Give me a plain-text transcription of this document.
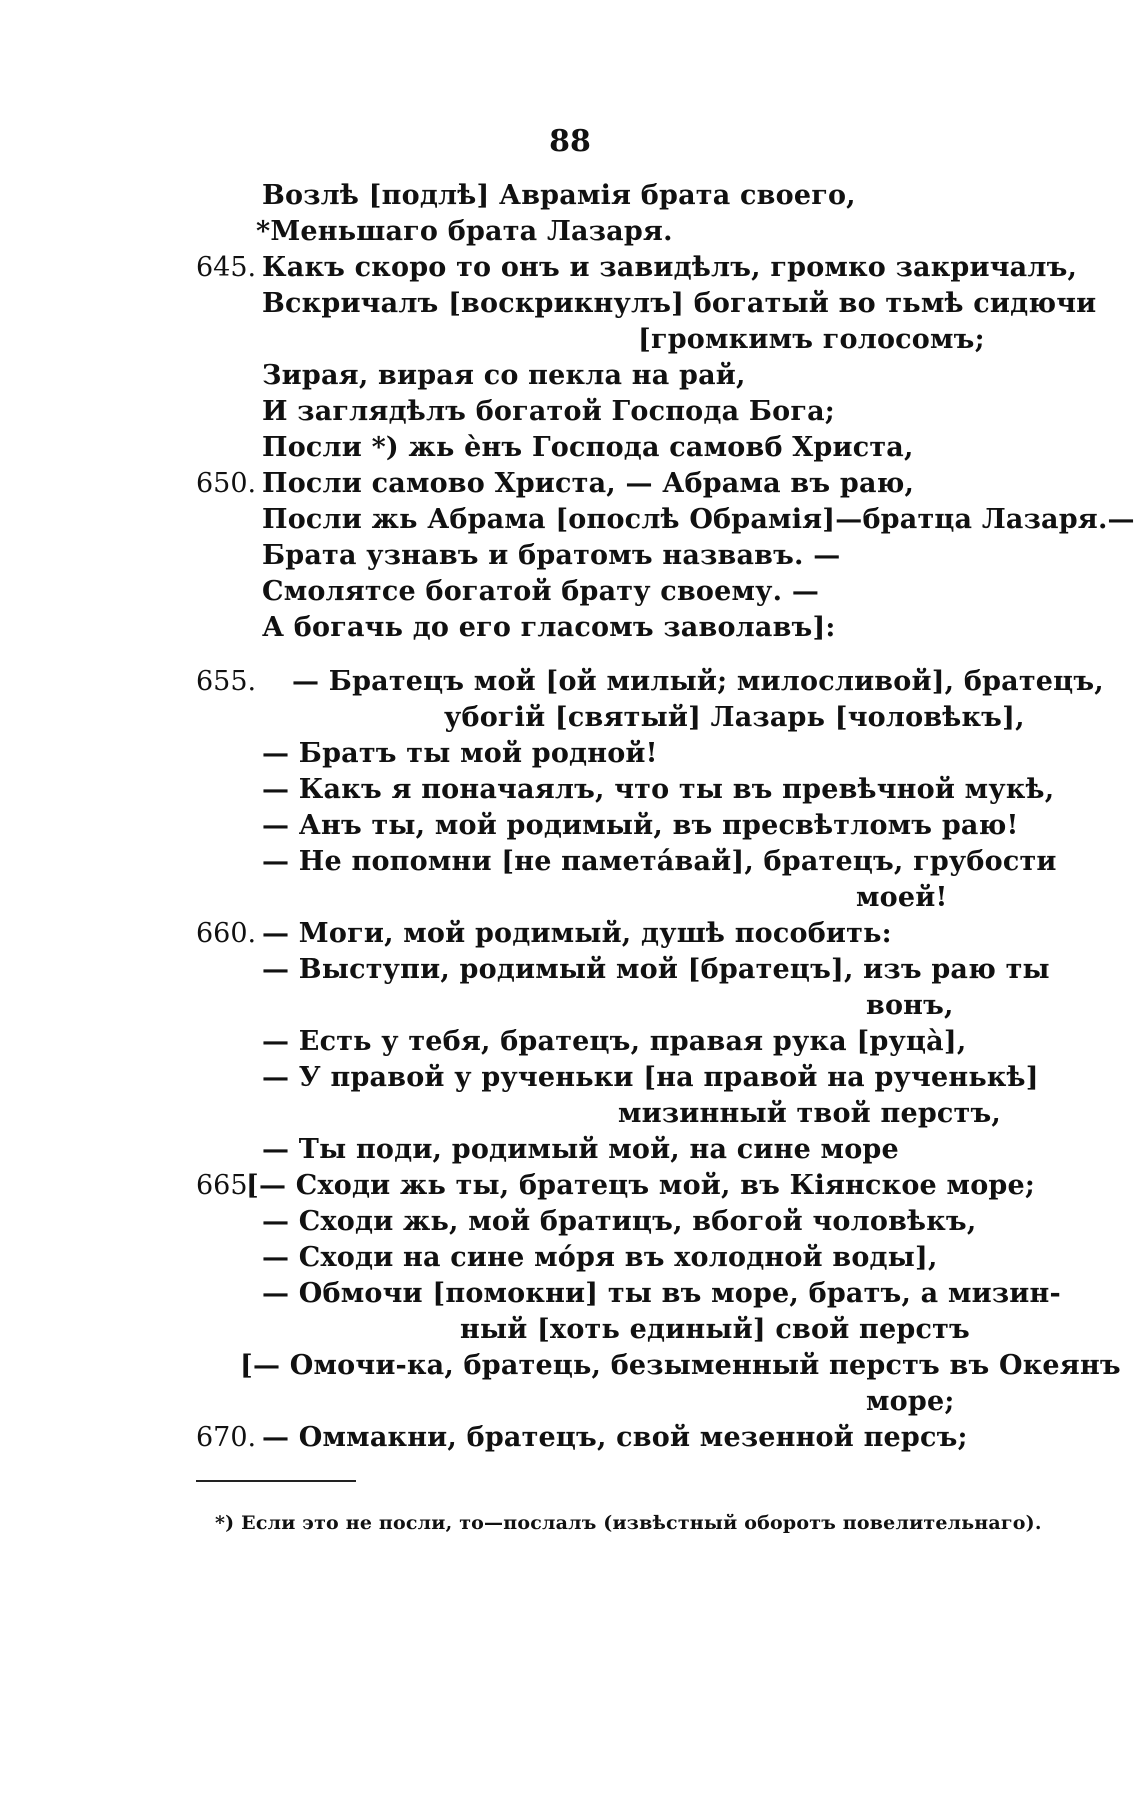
88
Возлѣ [подлѣ] Аврамія брата своего,
*Меньшаго брата Лазаря.
645. Какъ скоро то онъ и завидѣлъ, громко закричалъ,
Вскричалъ [воскрикнулъ] богатый во тьмѣ сидючи
[громкимъ голосомъ;
Зирая, вирая со пекла на рай,
И заглядѣлъ богатой Господа Бога;
Посли *) жь ѐнъ Господа самовб Христа,
650. Посли самово Христа, — Абрама въ раю,
Посли жь Абрама [опослѣ Обрамія]—братца Лазаря.—
Брата узнавъ и братомъ назвавъ. —
Смолятсе богатой брату своему. —
А богачь до его гласомъ заволавъ]:
655. — Братецъ мой [ой милый; милосливой], братецъ,
убогій [святый] Лазарь [чоловѣкъ],
— Братъ ты мой родной!
— Какъ я поначаялъ, что ты въ превѣчной мукѣ,
— Анъ ты, мой родимый, въ пресвѣтломъ раю!
— Не попомни [не паметáвай], братецъ, грубости
моей!
660. — Моги, мой родимый, душѣ пособить:
— Выступи, родимый мой [братецъ], изъ раю ты
вонъ,
— Есть у тебя, братецъ, правая рука [руцà],
— У правой у рученьки [на правой на рученькѣ]
мизинный твой перстъ,
— Ты поди, родимый мой, на сине море
665.
[— Сходи жь ты, братецъ мой, въ Кіянское море;
— Сходи жь, мой братицъ, вбогой чоловѣкъ,
— Сходи на сине мóря въ холодной воды],
— Обмочи [помокни] ты въ море, братъ, а мизин-
ный [хоть единый] свой перстъ
[— Омочи-ка, братець, безыменный перстъ въ Океянъ
море;
670. — Оммакни, братецъ, свой мезенной персъ;
*) Если это не посли, то—послалъ (извѣстный оборотъ повелительнаго).
